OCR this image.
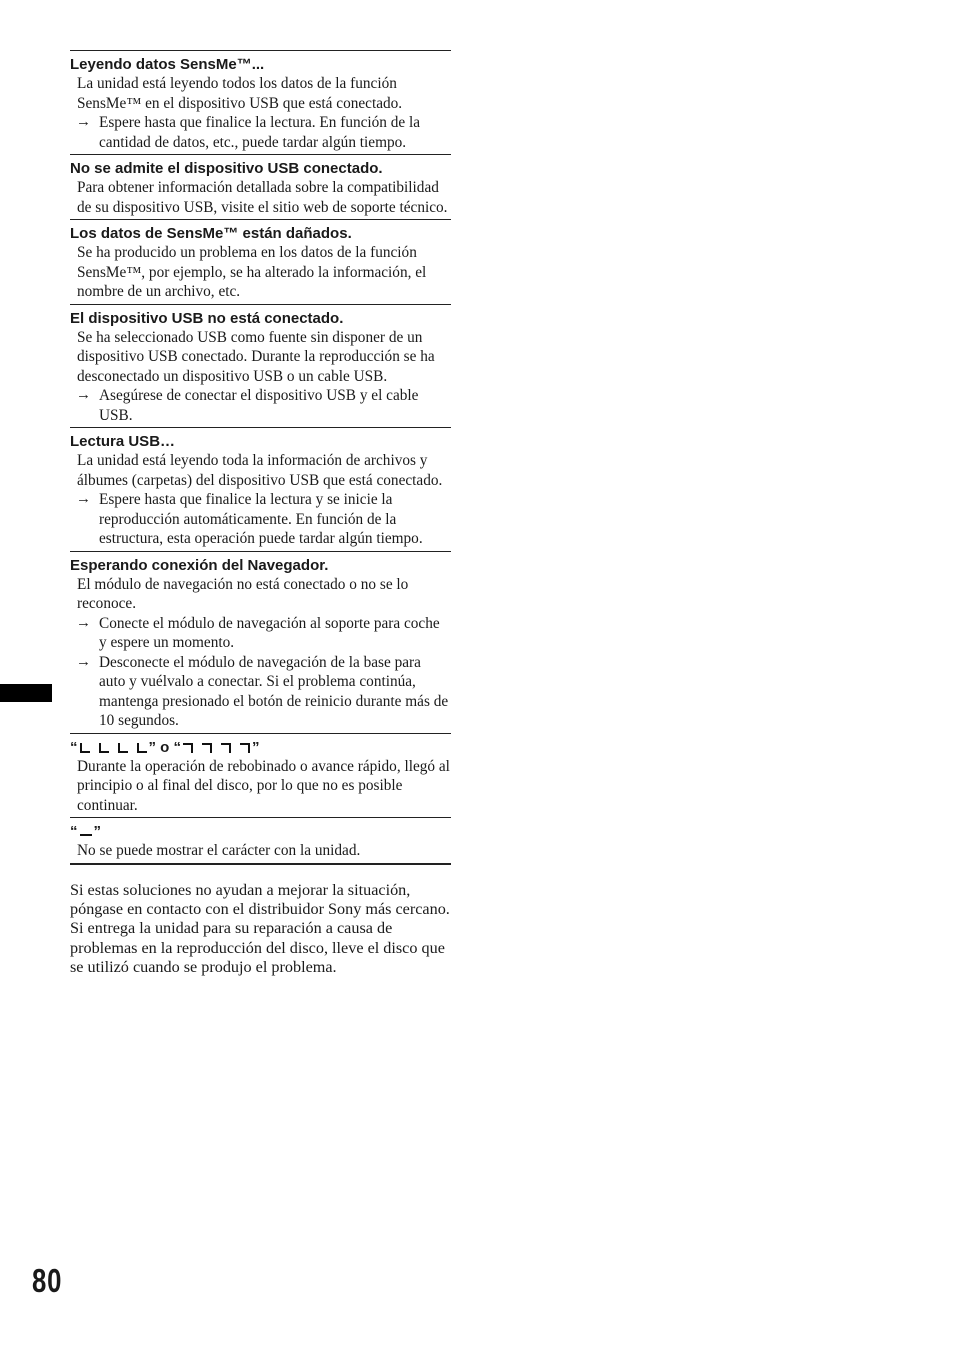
Leyendo datos SensMe™...
La unidad está leyendo todos los datos de la función SensMe™ en el dispositivo USB que está conectado.
→ Espere hasta que finalice la lectura. En función de la cantidad de datos, etc., puede tardar algún tiempo.
No se admite el dispositivo USB conectado.
Para obtener información detallada sobre la compatibilidad de su dispositivo USB, visite el sitio web de soporte técnico.
Los datos de SensMe™ están dañados.
Se ha producido un problema en los datos de la función SensMe™, por ejemplo, se ha alterado la información, el nombre de un archivo, etc.
El dispositivo USB no está conectado.
Se ha seleccionado USB como fuente sin disponer de un dispositivo USB conectado. Durante la reproducción se ha desconectado un dispositivo USB o un cable USB.
→ Asegúrese de conectar el dispositivo USB y el cable USB.
Lectura USB…
La unidad está leyendo toda la información de archivos y álbumes (carpetas) del dispositivo USB que está conectado.
→ Espere hasta que finalice la lectura y se inicie la reproducción automáticamente. En función de la estructura, esta operación puede tardar algún tiempo.
Esperando conexión del Navegador.
El módulo de navegación no está conectado o no se lo reconoce.
→ Conecte el módulo de navegación al soporte para coche y espere un momento.
→ Desconecte el módulo de navegación de la base para auto y vuélvalo a conectar. Si el problema continúa, mantenga presionado el botón de reinicio durante más de 10 segundos.
“	” o “	”
Durante la operación de rebobinado o avance rápido, llegó al principio o al final del disco, por lo que no es posible continuar.
“ ”
No se puede mostrar el carácter con la unidad.
Si estas soluciones no ayudan a mejorar la situación, póngase en contacto con el distribuidor Sony más cercano.
Si entrega la unidad para su reparación a causa de problemas en la reproducción del disco, lleve el disco que se utilizó cuando se produjo el problema.
80
